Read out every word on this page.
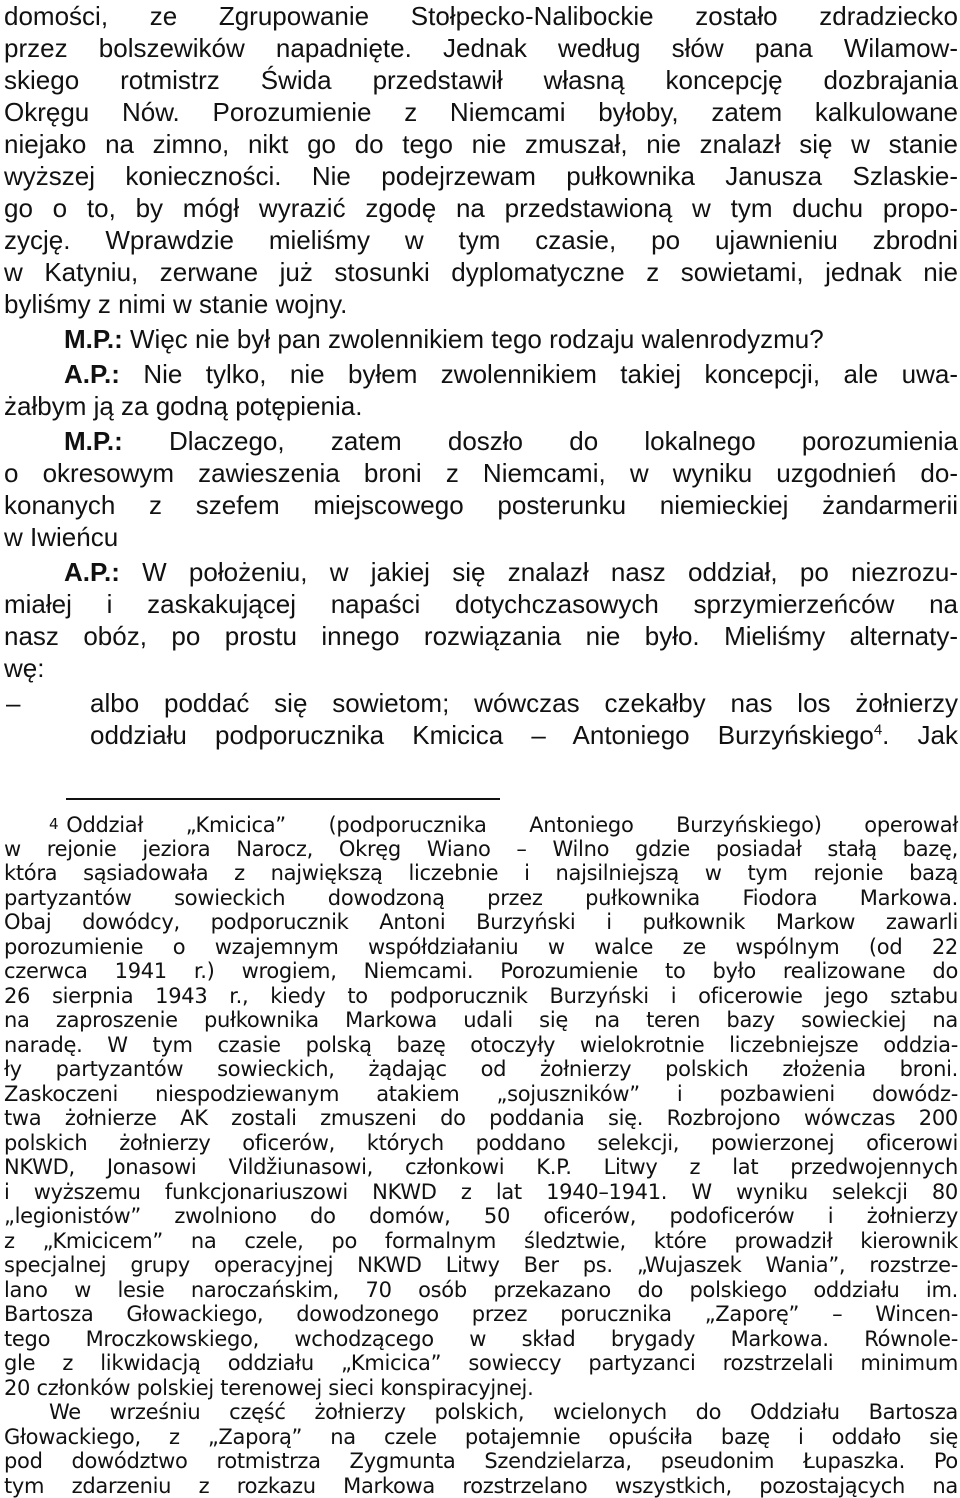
domości, ze Zgrupowanie Stołpecko-Nalibockie zostało zdradziecko
przez bolszewików napadnięte. Jednak według słów pana Wilamow-
skiego rotmistrz Świda przedstawił własną koncepcję dozbrajania
Okręgu Nów. Porozumienie z Niemcami byłoby, zatem kalkulowane
niejako na zimno, nikt go do tego nie zmuszał, nie znalazł się w stanie
wyższej konieczności. Nie podejrzewam pułkownika Janusza Szlaskie-
go o to, by mógł wyrazić zgodę na przedstawioną w tym duchu propo-
zycję. Wprawdzie mieliśmy w tym czasie, po ujawnieniu zbrodni
w Katyniu, zerwane już stosunki dyplomatyczne z sowietami, jednak nie
byliśmy z nimi w stanie wojny.
M.P.: Więc nie był pan zwolennikiem tego rodzaju walenrodyzmu?
A.P.: Nie tylko, nie byłem zwolennikiem takiej koncepcji, ale uwa-
żałbym ją za godną potępienia.
M.P.: Dlaczego, zatem doszło do lokalnego porozumienia
o okresowym zawieszenia broni z Niemcami, w wyniku uzgodnień do-
konanych z szefem miejscowego posterunku niemieckiej żandarmerii
w Iwieńcu
A.P.: W położeniu, w jakiej się znalazł nasz oddział, po niezrozu-
miałej i zaskakującej napaści dotychczasowych sprzymierzeńców na
nasz obóz, po prostu innego rozwiązania nie było. Mieliśmy alternaty-
wę:
–	albo poddać się sowietom; wówczas czekałby nas los żołnierzy
oddziału podporucznika Kmicica – Antoniego Burzyńskiego$^4$. Jak
4 Oddział „Kmicica” (podporucznika Antoniego Burzyńskiego) operował
w rejonie jeziora Narocz, Okręg Wiano – Wilno gdzie posiadał stałą bazę,
która sąsiadowała z największą liczebnie i najsilniejszą w tym rejonie bazą
partyzantów sowieckich dowodzoną przez pułkownika Fiodora Markowa.
Obaj dowódcy, podporucznik Antoni Burzyński i pułkownik Markow zawarli
porozumienie o wzajemnym współdziałaniu w walce ze wspólnym (od 22
czerwca 1941 r.) wrogiem, Niemcami. Porozumienie to było realizowane do
26 sierpnia 1943 r., kiedy to podporucznik Burzyński i oficerowie jego sztabu
na zaproszenie pułkownika Markowa udali się na teren bazy sowieckiej na
naradę. W tym czasie polską bazę otoczyły wielokrotnie liczebniejsze oddzia-
ły partyzantów sowieckich, żądając od żołnierzy polskich złożenia broni.
Zaskoczeni niespodziewanym atakiem „sojuszników” i pozbawieni dowódz-
twa żołnierze AK zostali zmuszeni do poddania się. Rozbrojono wówczas 200
polskich żołnierzy oficerów, których poddano selekcji, powierzonej oficerowi
NKWD, Jonasowi Vildžiunasowi, członkowi K.P. Litwy z lat przedwojennych
i wyższemu funkcjonariuszowi NKWD z lat 1940–1941. W wyniku selekcji 80
„legionistów” zwolniono do domów, 50 oficerów, podoficerów i żołnierzy
z „Kmicicem” na czele, po formalnym śledztwie, które prowadził kierownik
specjalnej grupy operacyjnej NKWD Litwy Ber ps. „Wujaszek Wania”, rozstrze-
lano w lesie naroczańskim, 70 osób przekazano do polskiego oddziału im.
Bartosza Głowackiego, dowodzonego przez porucznika „Zaporę” – Wincen-
tego Mroczkowskiego, wchodzącego w skład brygady Markowa. Równole-
gle z likwidacją oddziału „Kmicica” sowieccy partyzanci rozstrzelali minimum
20 członków polskiej terenowej sieci konspiracyjnej.
We wrześniu część żołnierzy polskich, wcielonych do Oddziału Bartosza
Głowackiego, z „Zaporą” na czele potajemnie opuściła bazę i oddało się
pod dowództwo rotmistrza Zygmunta Szendzielarza, pseudonim Łupaszka. Po
tym zdarzeniu z rozkazu Markowa rozstrzelano wszystkich, pozostających na
